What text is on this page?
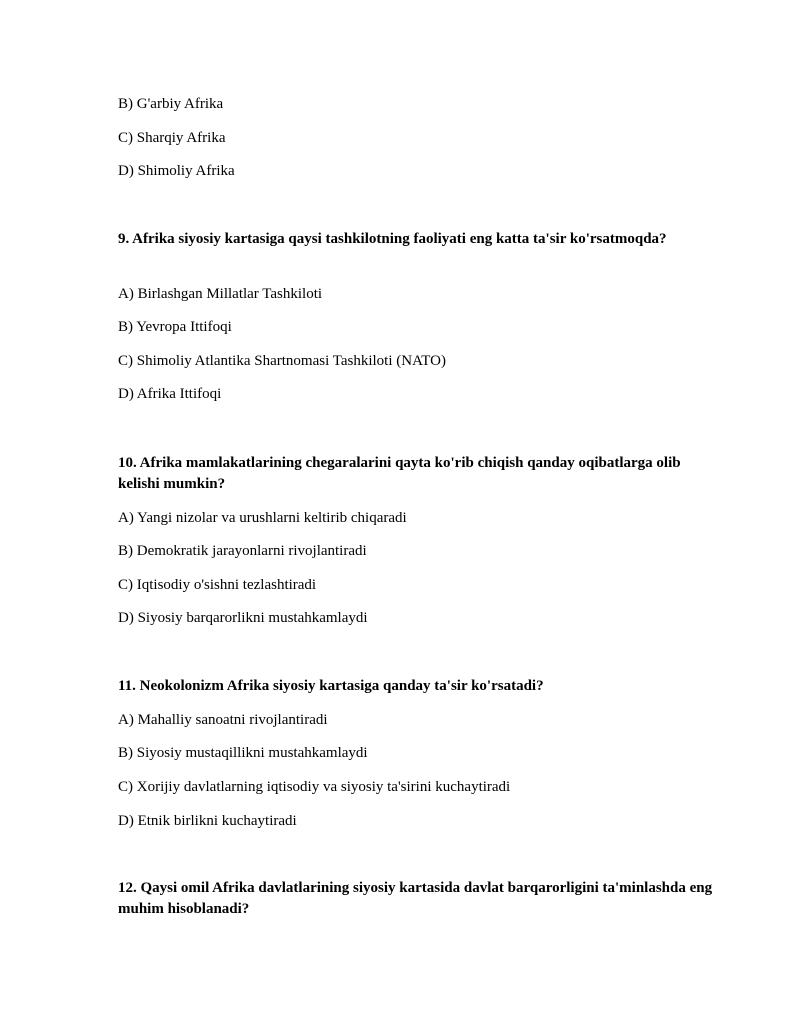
B) G'arbiy Afrika
C) Sharqiy Afrika
D) Shimoliy Afrika
9. Afrika siyosiy kartasiga qaysi tashkilotning faoliyati eng katta ta'sir ko'rsatmoqda?
A) Birlashgan Millatlar Tashkiloti
B) Yevropa Ittifoqi
C) Shimoliy Atlantika Shartnomasi Tashkiloti (NATO)
D) Afrika Ittifoqi
10. Afrika mamlakatlarining chegaralarini qayta ko'rib chiqish qanday oqibatlarga olib kelishi mumkin?
A) Yangi nizolar va urushlarni keltirib chiqaradi
B) Demokratik jarayonlarni rivojlantiradi
C) Iqtisodiy o'sishni tezlashtiradi
D) Siyosiy barqarorlikni mustahkamlaydi
11. Neokolonizm Afrika siyosiy kartasiga qanday ta'sir ko'rsatadi?
A) Mahalliy sanoatni rivojlantiradi
B) Siyosiy mustaqillikni mustahkamlaydi
C) Xorijiy davlatlarning iqtisodiy va siyosiy ta'sirini kuchaytiradi
D) Etnik birlikni kuchaytiradi
12. Qaysi omil Afrika davlatlarining siyosiy kartasida davlat barqarorligini ta'minlashda eng muhim hisoblanadi?
